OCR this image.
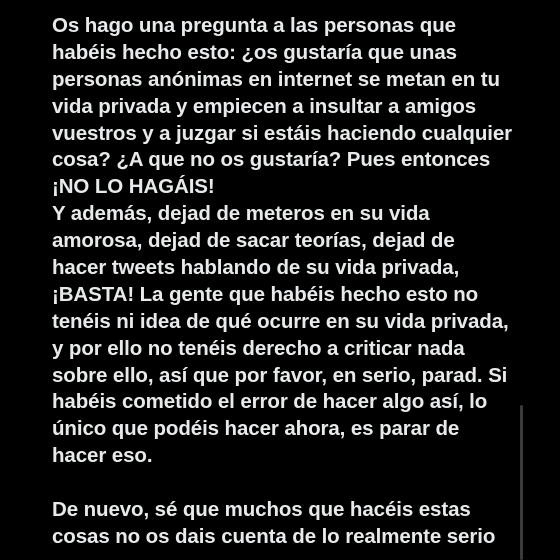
Os hago una pregunta a las personas que
habéis hecho esto: ¿os gustaría que unas
personas anónimas en internet se metan en tu
vida privada y empiecen a insultar a amigos
vuestros y a juzgar si estáis haciendo cualquier
cosa? ¿A que no os gustaría? Pues entonces
¡NO LO HAGÁIS!
Y además, dejad de meteros en su vida
amorosa, dejad de sacar teorías, dejad de
hacer tweets hablando de su vida privada,
¡BASTA! La gente que habéis hecho esto no
tenéis ni idea de qué ocurre en su vida privada,
y por ello no tenéis derecho a criticar nada
sobre ello, así que por favor, en serio, parad. Si
habéis cometido el error de hacer algo así, lo
único que podéis hacer ahora, es parar de
hacer eso.
De nuevo, sé que muchos que hacéis estas
cosas no os dais cuenta de lo realmente serio
